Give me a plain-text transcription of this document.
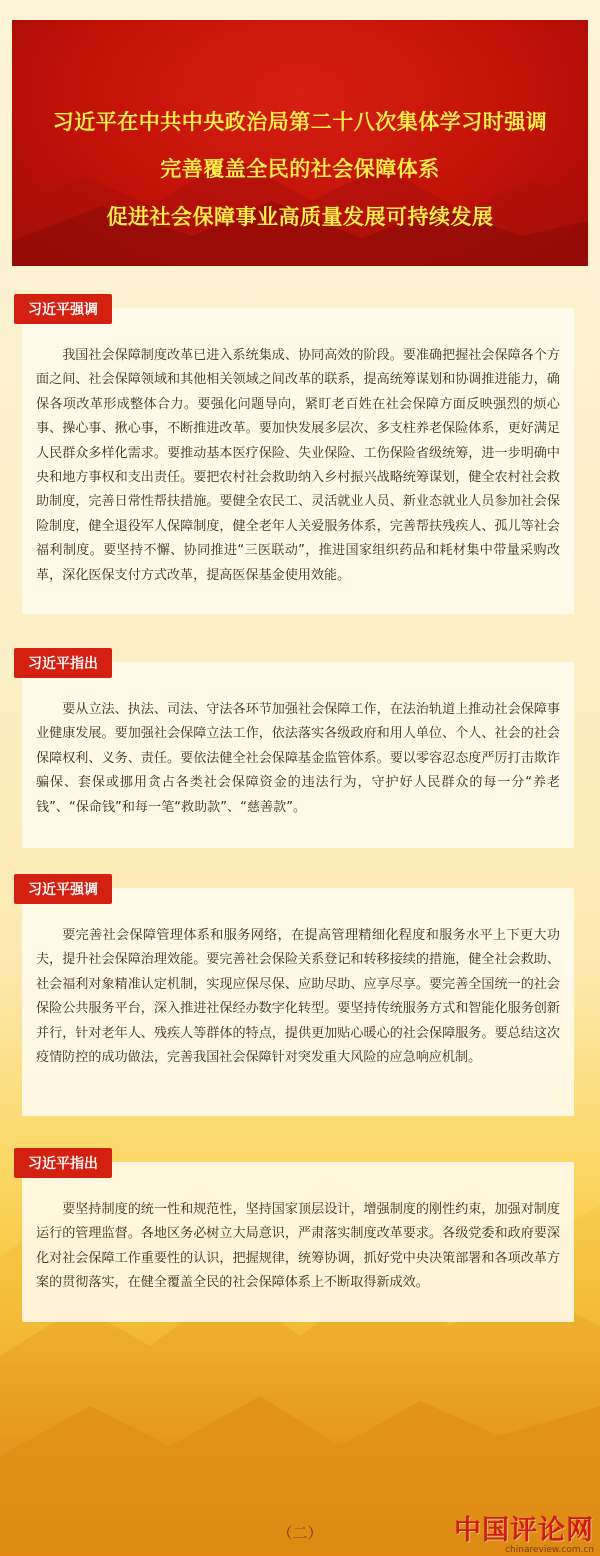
习近平在中共中央政治局第二十八次集体学习时强调
完善覆盖全民的社会保障体系
促进社会保障事业高质量发展可持续发展
习近平强调
我国社会保障制度改革已进入系统集成、协同高效的阶段。要准确把握社会保障各个方面之间、社会保障领域和其他相关领域之间改革的联系，提高统筹谋划和协调推进能力，确保各项改革形成整体合力。要强化问题导向，紧盯老百姓在社会保障方面反映强烈的烦心事、操心事、揪心事，不断推进改革。要加快发展多层次、多支柱养老保险体系，更好满足人民群众多样化需求。要推动基本医疗保险、失业保险、工伤保险省级统筹，进一步明确中央和地方事权和支出责任。要把农村社会救助纳入乡村振兴战略统筹谋划，健全农村社会救助制度，完善日常性帮扶措施。要健全农民工、灵活就业人员、新业态就业人员参加社会保险制度，健全退役军人保障制度，健全老年人关爱服务体系，完善帮扶残疾人、孤儿等社会福利制度。要坚持不懈、协同推进“三医联动”，推进国家组织药品和耗材集中带量采购改革，深化医保支付方式改革，提高医保基金使用效能。
习近平指出
要从立法、执法、司法、守法各环节加强社会保障工作，在法治轨道上推动社会保障事业健康发展。要加强社会保障立法工作，依法落实各级政府和用人单位、个人、社会的社会保障权利、义务、责任。要依法健全社会保障基金监管体系。要以零容忍态度严厉打击欺诈骗保、套保或挪用贪占各类社会保障资金的违法行为，守护好人民群众的每一分“养老钱”、“保命钱”和每一笔“救助款”、“慈善款”。
习近平强调
要完善社会保障管理体系和服务网络，在提高管理精细化程度和服务水平上下更大功夫，提升社会保障治理效能。要完善社会保险关系登记和转移接续的措施，健全社会救助、社会福利对象精准认定机制，实现应保尽保、应助尽助、应享尽享。要完善全国统一的社会保险公共服务平台，深入推进社保经办数字化转型。要坚持传统服务方式和智能化服务创新并行，针对老年人、残疾人等群体的特点，提供更加贴心暖心的社会保障服务。要总结这次疫情防控的成功做法，完善我国社会保障针对突发重大风险的应急响应机制。
习近平指出
要坚持制度的统一性和规范性，坚持国家顶层设计，增强制度的刚性约束，加强对制度运行的管理监督。各地区务必树立大局意识，严肃落实制度改革要求。各级党委和政府要深化对社会保障工作重要性的认识，把握规律，统筹协调，抓好党中央决策部署和各项改革方案的贯彻落实，在健全覆盖全民的社会保障体系上不断取得新成效。
（二）	中国评论网
chinareview.com.cn
